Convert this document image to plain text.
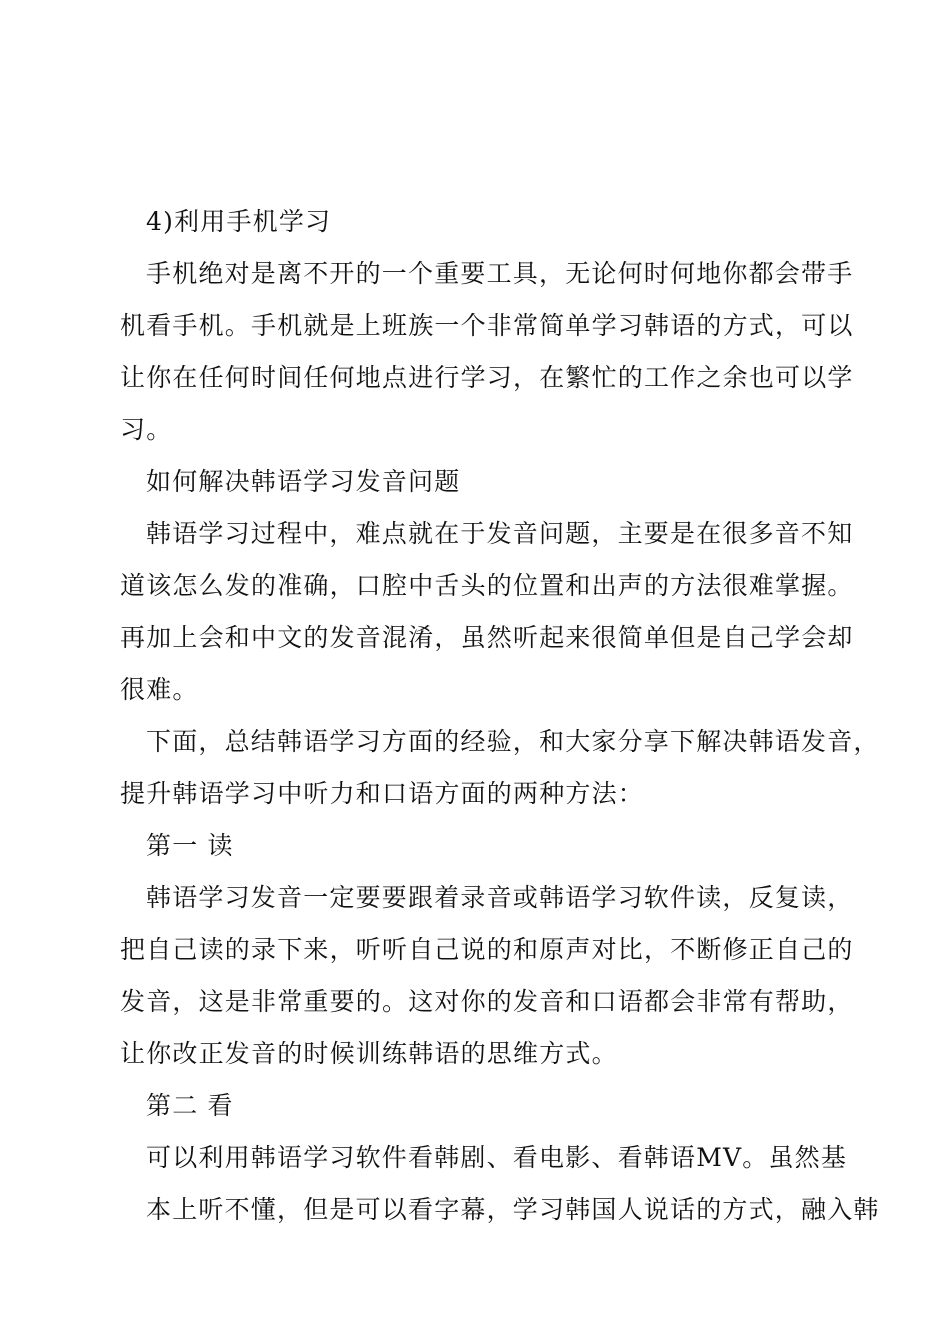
4)利用手机学习
手机绝对是离不开的一个重要工具，无论何时何地你都会带手
机看手机。手机就是上班族一个非常简单学习韩语的方式，可以
让你在任何时间任何地点进行学习，在繁忙的工作之余也可以学
习。
如何解决韩语学习发音问题
韩语学习过程中，难点就在于发音问题，主要是在很多音不知
道该怎么发的准确，口腔中舌头的位置和出声的方法很难掌握。
再加上会和中文的发音混淆，虽然听起来很简单但是自己学会却
很难。
下面，总结韩语学习方面的经验，和大家分享下解决韩语发音，
提升韩语学习中听力和口语方面的两种方法：
第一 读
韩语学习发音一定要要跟着录音或韩语学习软件读，反复读，
把自己读的录下来，听听自己说的和原声对比，不断修正自己的
发音，这是非常重要的。这对你的发音和口语都会非常有帮助，
让你改正发音的时候训练韩语的思维方式。
第二 看
可以利用韩语学习软件看韩剧、看电影、看韩语MV。虽然基
本上听不懂，但是可以看字幕，学习韩国人说话的方式，融入韩
